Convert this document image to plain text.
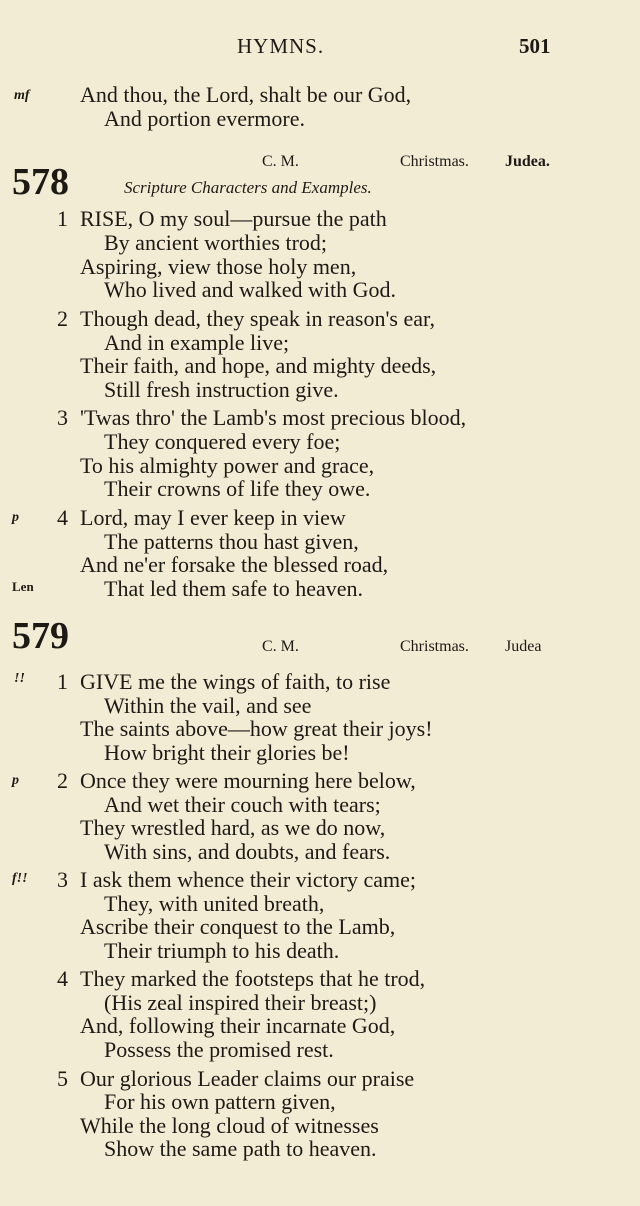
HYMNS.	501
mf And thou, the Lord, shalt be our God,
And portion evermore.
C. M.	Christmas. Judea.
578	Scripture Characters and Examples.
1 RISE, O my soul—pursue the path
By ancient worthies trod;
Aspiring, view those holy men,
Who lived and walked with God.
2 Though dead, they speak in reason's ear,
And in example live;
Their faith, and hope, and mighty deeds,
Still fresh instruction give.
3 'Twas thro' the Lamb's most precious blood,
They conquered every foe;
To his almighty power and grace,
Their crowns of life they owe.
p 4 Lord, may I ever keep in view
The patterns thou hast given,
And ne'er forsake the blessed road,
Len	That led them safe to heaven.
579	C. M.	Christmas. Judea
!! 1 GIVE me the wings of faith, to rise
Within the vail, and see
The saints above—how great their joys!
How bright their glories be!
p 2 Once they were mourning here below,
And wet their couch with tears;
They wrestled hard, as we do now,
With sins, and doubts, and fears.
f!! 3 I ask them whence their victory came;
They, with united breath,
Ascribe their conquest to the Lamb,
Their triumph to his death.
4 They marked the footsteps that he trod,
(His zeal inspired their breast;)
And, following their incarnate God,
Possess the promised rest.
5 Our glorious Leader claims our praise
For his own pattern given,
While the long cloud of witnesses
Show the same path to heaven.
